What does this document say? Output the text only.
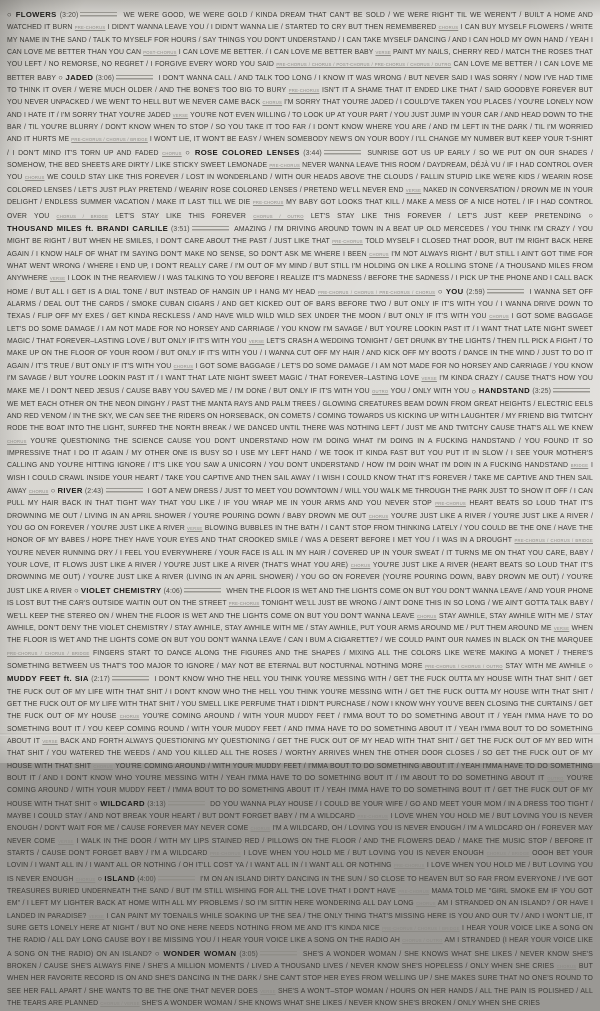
○ FLOWERS (3:20)	WE WERE GOOD, WE WERE GOLD / KINDA DREAM THAT CAN'T BE SOLD / WE WERE RIGHT TIL WE WEREN'T / BUILT A HOME AND WATCHED IT BURN PRE-CHORUS I DIDN'T WANNA LEAVE YOU / I DIDN'T WANNA LIE / STARTED TO CRY BUT THEN REMEMBERED CHORUS I CAN BUY MYSELF FLOWERS / WRITE MY NAME IN THE SAND / TALK TO MYSELF FOR HOURS / SAY THINGS YOU DON'T UNDERSTAND / I CAN TAKE MYSELF DANCING / AND I CAN HOLD MY OWN HAND / YEAH I CAN LOVE ME BETTER THAN YOU CAN POST-CHORUS I CAN LOVE ME BETTER. / I CAN LOVE ME BETTER BABY VERSE PAINT MY NAILS, CHERRY RED / MATCH THE ROSES THAT YOU LEFT / NO REMORSE, NO REGRET / I FORGIVE EVERY WORD YOU SAID PRE-CHORUS / CHORUS / POST-CHORUS / PRE-CHORUS / CHORUS / OUTRO CAN LOVE ME BETTER / I CAN LOVE ME BETTER BABY ○ JADED (3:06)	I DON'T WANNA CALL / AND TALK TOO LONG / I KNOW IT WAS WRONG / BUT NEVER SAID I WAS SORRY / NOW I'VE HAD TIME TO THINK IT OVER / WE'RE MUCH OLDER / AND THE BONE'S TOO BIG TO BURY PRE-CHORUS ISN'T IT A SHAME THAT IT ENDED LIKE THAT / SAID GOODBYE FOREVER BUT YOU NEVER UNPACKED / WE WENT TO HELL BUT WE NEVER CAME BACK CHORUS I'M SORRY THAT YOU'RE JADED / I COULD'VE TAKEN YOU PLACES / YOU'RE LONELY NOW AND I HATE IT / I'M SORRY THAT YOU'RE JADED VERSE YOU'RE NOT EVEN WILLING / TO LOOK UP AT YOUR PART / YOU JUST JUMP IN YOUR CAR / AND HEAD DOWN TO THE BAR / TIL YOU'RE BLURRY / DON'T KNOW WHEN TO STOP / SO YOU TAKE IT TOO FAR / I DON'T KNOW WHERE YOU ARE / AND I'M LEFT IN THE DARK / TIL I'M WORRIED AND IT HURTS ME PRE-CHORUS / CHORUS / BRIDGE I WON'T LIE, IT WON'T BE EASY / WHEN SOMEBODY NEW'S ON YOUR BODY / I'LL CHANGE MY NUMBER BUT KEEP YOUR T-SHIRT / I DON'T MIND IT'S TORN UP AND FADED CHORUS ○ ROSE COLORED LENSES (3:44)	SUNRISE GOT US UP EARLY / SO WE PUT ON OUR SHADES / SOMEHOW, THE BED SHEETS ARE DIRTY / LIKE STICKY SWEET LEMONADE PRE-CHORUS NEVER WANNA LEAVE THIS ROOM / DAYDREAM, DÉJÀ VU / IF I HAD CONTROL OVER YOU CHORUS WE COULD STAY LIKE THIS FOREVER / LOST IN WONDERLAND / WITH OUR HEADS ABOVE THE CLOUDS / FALLIN STUPID LIKE WE'RE KIDS / WEARIN ROSE COLORED LENSES / LET'S JUST PLAY PRETEND / WEARIN' ROSE COLORED LENSES / PRETEND WE'LL NEVER END VERSE NAKED IN CONVERSATION / DROWN ME IN YOUR DELIGHT / ENDLESS SUMMER VACATION / MAKE IT LAST TILL WE DIE PRE-CHORUS MY BABY GOT LOOKS THAT KILL / MAKE A MESS OF A NICE HOTEL / IF I HAD CONTROL OVER YOU CHORUS / BRIDGE LET'S STAY LIKE THIS FOREVER CHORUS / OUTRO LET'S STAY LIKE THIS FOREVER / LET'S JUST KEEP PRETENDING ○ THOUSAND MILES ft. BRANDI CARLILE (3:51)	AMAZING / I'M DRIVING AROUND TOWN IN A BEAT UP OLD MERCEDES / YOU THINK I'M CRAZY / YOU MIGHT BE RIGHT / BUT WHEN HE SMILES, I DON'T CARE ABOUT THE PAST / JUST LIKE THAT PRE-CHORUS TOLD MYSELF I CLOSED THAT DOOR, BUT I'M RIGHT BACK HERE AGAIN / I KNOW HALF OF WHAT I'M SAYING DON'T MAKE NO SENSE, SO DON'T ASK ME WHERE I BEEN CHORUS I'M NOT ALWAYS RIGHT / BUT STILL I AIN'T GOT TIME FOR WHAT WENT WRONG / WHERE I END UP, I DON'T REALLY CARE / I'M OUT OF MY MIND / BUT STILL I'M HOLDING ON LIKE A ROLLING STONE / A THOUSAND MILES FROM ANYWHERE VERSE I LOOK IN THE REARVIEW / I WAS TALKING TO YOU BEFORE I REALIZE IT'S MADNESS / BEFORE THE SADNESS / I PICK UP THE PHONE AND I CALL BACK HOME / BUT ALL I GET IS A DIAL TONE / BUT INSTEAD OF HANGIN UP I HANG MY HEAD PRE-CHORUS / CHORUS / PRE-CHORUS / CHORUS ○ YOU (2:59)	I WANNA SET OFF ALARMS / DEAL OUT THE CARDS / SMOKE CUBAN CIGARS / AND GET KICKED OUT OF BARS BEFORE TWO / BUT ONLY IF IT'S WITH YOU / I WANNA DRIVE DOWN TO TEXAS / FLIP OFF MY EXES / GET KINDA RECKLESS / AND HAVE WILD WILD WILD SEX UNDER THE MOON / BUT ONLY IF IT'S WITH YOU CHORUS I GOT SOME BAGGAGE LET'S DO SOME DAMAGE / I AM NOT MADE FOR NO HORSEY AND CARRIAGE / YOU KNOW I'M SAVAGE / BUT YOU'RE LOOKIN PAST IT / I WANT THAT LATE NIGHT SWEET MAGIC / THAT FOREVER–LASTING LOVE / BUT ONLY IF IT'S WITH YOU VERSE LET'S CRASH A WEDDING TONIGHT / GET DRUNK BY THE LIGHTS / THEN I'LL PICK A FIGHT / TO MAKE UP ON THE FLOOR OF YOUR ROOM / BUT ONLY IF IT'S WITH YOU / I WANNA CUT OFF MY HAIR / AND KICK OFF MY BOOTS / DANCE IN THE WIND / JUST TO DO IT AGAIN / IT'S TRUE / BUT ONLY IF IT'S WITH YOU CHORUS I GOT SOME BAGGAGE / LET'S DO SOME DAMAGE / I AM NOT MADE FOR NO HORSEY AND CARRIAGE / YOU KNOW I'M SAVAGE / BUT YOU'RE LOOKIN PAST IT / I WANT THAT LATE NIGHT SWEET MAGIC / THAT FOREVER–LASTING LOVE VERSE I'M KINDA CRAZY / CAUSE THAT'S HOW YOU MAKE ME / I DON'T NEED JESUS / CAUSE BABY YOU SAVED ME / I'M DONE / BUT ONLY IF IT'S WITH YOU OUTRO YOU / ONLY WITH YOU ○ HANDSTAND (3:25) WE MET EACH OTHER ON THE NEON DINGHY / PAST THE MANTA RAYS AND PALM TREES / GLOWING CREATURES BEAM DOWN FROM GREAT HEIGHTS / ELECTRIC EELS AND RED VENOM / IN THE SKY, WE CAN SEE THE RIDERS ON HORSEBACK, ON COMETS / COMING TOWARDS US KICKING UP WITH LAUGHTER / MY FRIEND BIG TWITCHY RODE THE BOAT INTO THE LIGHT, SURFED THE NORTH BREAK / WE DANCED UNTIL THERE WAS NOTHING LEFT / JUST ME AND TWITCHY CAUSE THAT'S ALL WE KNEW CHORUS YOU'RE QUESTIONING THE SCIENCE CAUSE YOU DON'T UNDERSTAND HOW I'M DOING WHAT I'M DOING IN A FUCKING HANDSTAND / YOU FOUND IT SO IMPRESSIVE THAT I DO IT AGAIN / MY OTHER ONE IS BUSY SO I USE MY LEFT HAND / WE TOOK IT KINDA FAST BUT YOU PUT IT IN SLOW / I SEE YOUR MOTHER'S CALLING AND YOU'RE HITTING IGNORE / IT'S LIKE YOU SAW A UNICORN / YOU DON'T UNDERSTAND / HOW I'M DOIN WHAT I'M DOIN IN A FUCKING HANDSTAND BRIDGE I WISH I COULD CRAWL INSIDE YOUR HEART / TAKE YOU CAPTIVE AND THEN SAIL AWAY / I WISH I COULD KNOW THAT IT'S FOREVER / TAKE ME CAPTIVE AND THEN SAIL AWAY CHORUS ○ RIVER (2:43)	I GOT A NEW DRESS / JUST TO MEET YOU DOWNTOWN / WILL YOU WALK ME THROUGH THE PARK JUST TO SHOW IT OFF / I CAN PULL MY HAIR BACK IN THAT TIGHT WAY THAT YOU LIKE / IF YOU WRAP ME IN YOUR ARMS AND YOU NEVER STOP PRE-CHORUS HEART BEATS SO LOUD THAT IT'S DROWNING ME OUT / LIVING IN AN APRIL SHOWER / YOU'RE POURING DOWN / BABY DROWN ME OUT CHORUS YOU'RE JUST LIKE A RIVER / YOU'RE JUST LIKE A RIVER / YOU GO ON FOREVER / YOU'RE JUST LIKE A RIVER VERSE BLOWING BUBBLES IN THE BATH / I CAN'T STOP FROM THINKING LATELY / YOU COULD BE THE ONE / HAVE THE HONOR OF MY BABES / HOPE THEY HAVE YOUR EYES AND THAT CROOKED SMILE / WAS A DESERT BEFORE I MET YOU / I WAS IN A DROUGHT PRE-CHORUS / CHORUS / BRIDGE YOU'RE NEVER RUNNING DRY / I FEEL YOU EVERYWHERE / YOUR FACE IS ALL IN MY HAIR / COVERED UP IN YOUR SWEAT / IT TURNS ME ON THAT YOU CARE, BABY / YOUR LOVE, IT FLOWS JUST LIKE A RIVER / YOU'RE JUST LIKE A RIVER (THAT'S WHAT YOU ARE) CHORUS YOU'RE JUST LIKE A RIVER (HEART BEATS SO LOUD THAT IT'S DROWNING ME OUT) / YOU'RE JUST LIKE A RIVER (LIVING IN AN APRIL SHOWER) / YOU GO ON FOREVER (YOU'RE POURING DOWN, BABY DROWN ME OUT) / YOU'RE JUST LIKE A RIVER ○ VIOLET CHEMISTRY (4:06)	WHEN THE FLOOR IS WET AND THE LIGHTS COME ON BUT YOU DON'T WANNA LEAVE / AND YOUR PHONE IS LOST BUT THE CAR'S OUTSIDE WAITIN OUT ON THE STREET PRE-CHORUS TONIGHT WE'LL JUST BE WRONG / AIN'T DONE THIS IN SO LONG / WE AIN'T GOTTA TALK BABY / WE'LL KEEP THE STEREO ON / WHEN THE FLOOR IS WET AND THE LIGHTS COME ON BUT YOU DON'T WANNA LEAVE CHORUS STAY AWHILE, STAY AWHILE WITH ME / STAY AWHILE, DON'T DENY THE VIOLET CHEMISTRY / STAY AWHILE, STAY AWHILE WITH ME / STAY AWHILE, PUT YOUR ARMS AROUND ME / PUT THEM AROUND ME VERSE WHEN THE FLOOR IS WET AND THE LIGHTS COME ON BUT YOU DON'T WANNA LEAVE / CAN I BUM A CIGARETTE? / WE COULD PAINT OUR NAMES IN BLACK ON THE MARQUEE PRE-CHORUS / CHORUS / BRIDGE FINGERS START TO DANCE ALONG THE FIGURES AND THE SHAPES / MIXING ALL THE COLORS LIKE WE'RE MAKING A MONET / THERE'S SOMETHING BETWEEN US THAT'S TOO MAJOR TO IGNORE / MAY NOT BE ETERNAL BUT NOCTURNAL NOTHING MORE PRE-CHORUS / CHORUS / OUTRO STAY WITH ME AWHILE ○ MUDDY FEET ft. SIA (2:17)	I DON'T KNOW WHO THE HELL YOU THINK YOU'RE MESSING WITH / GET THE FUCK OUTTA MY HOUSE WITH THAT SHIT / GET THE FUCK OUT OF MY LIFE WITH THAT SHIT / I DON'T KNOW WHO THE HELL YOU THINK YOU'RE MESSING WITH / GET THE FUCK OUTTA MY HOUSE WITH THAT SHIT / GET THE FUCK OUT OF MY LIFE WITH THAT SHIT / YOU SMELL LIKE PERFUME THAT I DIDN'T PURCHASE / NOW I KNOW WHY YOU'VE BEEN CLOSING THE CURTAINS / GET THE FUCK OUT OF MY HOUSE CHORUS YOU'RE COMING AROUND / WITH YOUR MUDDY FEET / I'MMA BOUT TO DO SOMETHING ABOUT IT / YEAH I'MMA HAVE TO DO SOMETHING BOUT IT / YOU KEEP COMING ROUND / WITH YOUR MUDDY FEET / AND I'MMA HAVE TO DO SOMETHING ABOUT IT / YEAH I'MMA BOUT TO DO SOMETHING ABOUT IT VERSE BACK AND FORTH ALWAYS QUESTIONING MY QUESTIONING / GET THE FUCK OUT OF MY HEAD WITH THAT SHIT / GET THE FUCK OUT OF MY BED WITH THAT SHIT / YOU WATERED THE WEEDS / AND YOU KILLED ALL THE ROSES / WORTHY ARRIVES WHEN THE OTHER DOOR CLOSES / SO GET THE FUCK OUT OF MY HOUSE WITH THAT SHIT CHORUS YOU'RE COMING AROUND / WITH YOUR MUDDY FEET / I'MMA BOUT TO DO SOMETHING ABOUT IT / YEAH I'MMA HAVE TO DO SOMETHING BOUT IT / AND I DON'T KNOW WHO YOU'RE MESSING WITH / YEAH I'MMA HAVE TO DO SOMETHING BOUT IT / I'M ABOUT TO DO SOMETHING ABOUT IT OUTRO YOU'RE COMING AROUND / WITH YOUR MUDDY FEET / I'MMA BOUT TO DO SOMETHING ABOUT IT / YEAH I'MMA HAVE TO DO SOMETHING BOUT IT / GET THE FUCK OUT OF MY HOUSE WITH THAT SHIT ○ WILDCARD (3:13)	DO YOU WANNA PLAY HOUSE / I COULD BE YOUR WIFE / GO AND MEET YOUR MOM / IN A DRESS TOO TIGHT / MAYBE I COULD STAY / AND NOT BREAK YOUR HEART / BUT DON'T FORGET BABY / I'M A WILDCARD PRE-CHORUS I LOVE WHEN YOU HOLD ME / BUT LOVING YOU IS NEVER ENOUGH / DON'T WAIT FOR ME / CAUSE FOREVER MAY NEVER COME CHORUS I'M A WILDCARD, OH / LOVING YOU IS NEVER ENOUGH / I'M A WILDCARD OH / FOREVER MAY NEVER COME VERSE I WALK IN THE DOOR / WITH MY LIPS STAINED RED / PILLOWS ON THE FLOOR / AND THE FLOWERS DEAD / MAKE THE MUSIC STOP / BEFORE IT STARTS / CAUSE DON'T FORGET BABY / I'M A WILDCARD PRE-CHORUS I LOVE WHEN YOU HOLD ME / BUT LOVING YOU IS NEVER ENOUGH CHORUS / BRIDGE OOOH BET YOUR LOVIN / I WANT ALL IN / I WANT ALL OR NOTHING / OH IT'LL COST YA / I WANT ALL IN / I WANT ALL OR NOTHING PRE-CHORUS I LOVE WHEN YOU HOLD ME / BUT LOVING YOU IS NEVER ENOUGH CHORUS ○ ISLAND (4:00)	I'M ON AN ISLAND DIRTY DANCING IN THE SUN / SO CLOSE TO HEAVEN BUT SO FAR FROM EVERYONE / I'VE GOT TREASURES BURIED UNDERNEATH THE SAND / BUT I'M STILL WISHING FOR ALL THE LOVE THAT I DON'T HAVE PRE-CHORUS MAMA TOLD ME "GIRL SMOKE EM IF YOU GOT EM" / I LEFT MY LIGHTER BACK AT HOME WITH ALL MY PROBLEMS / SO I'M SITTIN HERE WONDERING ALL DAY LONG CHORUS AM I STRANDED ON AN ISLAND? / OR HAVE I LANDED IN PARADISE? VERSE I CAN PAINT MY TOENAILS WHILE SOAKING UP THE SEA / THE ONLY THING THAT'S MISSING HERE IS YOU AND OUR TV / AND I WON'T LIE, IT SURE GETS LONELY HERE AT NIGHT / BUT NO ONE HERE NEEDS NOTHING FROM ME AND IT'S KINDA NICE PRE-CHORUS / CHORUS / BRIDGE I HEAR YOUR VOICE LIKE A SONG ON THE RADIO / ALL DAY LONG CAUSE BOY I BE MISSING YOU / I HEAR YOUR VOICE LIKE A SONG ON THE RADIO AH CHORUS / OUTRO AM I STRANDED (I HEAR YOUR VOICE LIKE A SONG ON THE RADIO) ON AN ISLAND? ○ WONDER WOMAN (3:05)	SHE'S A WONDER WOMAN / SHE KNOWS WHAT SHE LIKES / NEVER KNOW SHE'S BROKEN / CAUSE SHE'S ALWAYS FINE / SHE'S A MILLION MOMENTS / LIVED A THOUSAND LIVES / NEVER KNOW SHE'S HOPELESS / ONLY WHEN SHE CRIES CHORUS BUT WHEN HER FAVORITE RECORD IS ON AND SHE'S DANCING IN THE DARK / SHE CAN'T STOP HER EYES FROM WELLING UP / SHE MAKES SURE THAT NO ONE'S ROUND TO SEE HER FALL APART / SHE WANTS TO BE THE ONE THAT NEVER DOES VERSE SHE'S A WON'T–STOP WOMAN / HOURS ON HER HANDS / ALL THE PAIN IS POLISHED / ALL THE TEARS ARE PLANNED CHORUS / VERSE SHE'S A WONDER WOMAN / SHE KNOWS WHAT SHE LIKES / NEVER KNOW SHE'S BROKEN / ONLY WHEN SHE CRIES
